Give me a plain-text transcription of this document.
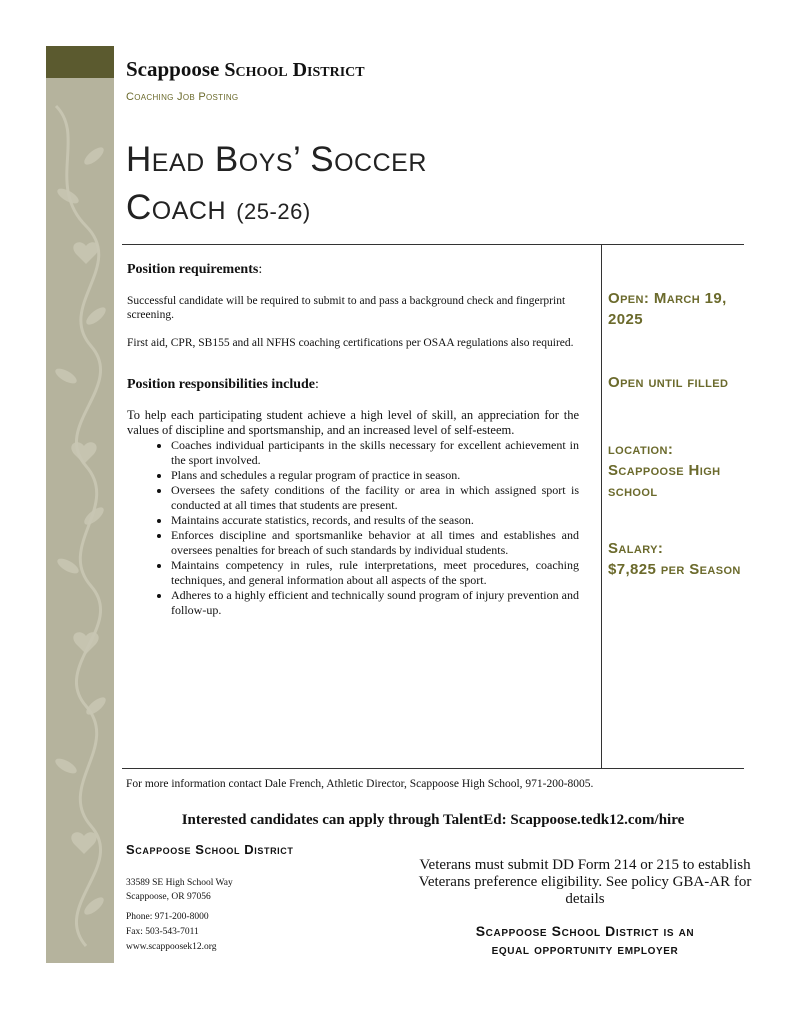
Scappoose School District
Coaching Job Posting
Head Boys’ Soccer
Coach (25-26)
Position requirements:

Successful candidate will be required to submit to and pass a background check and fingerprint screening.

First aid, CPR, SB155 and all NFHS coaching certifications per OSAA regulations also required.

Position responsibilities include:

To help each participating student achieve a high level of skill, an appreciation for the values of discipline and sportsmanship, and an increased level of self-esteem.

• Coaches individual participants in the skills necessary for excellent achievement in the sport involved.
• Plans and schedules a regular program of practice in season.
• Oversees the safety conditions of the facility or area in which assigned sport is conducted at all times that students are present.
• Maintains accurate statistics, records, and results of the season.
• Enforces discipline and sportsmanlike behavior at all times and establishes and oversees penalties for breach of such standards by individual students.
• Maintains competency in rules, rule interpretations, meet procedures, coaching techniques, and general information about all aspects of the sport.
• Adheres to a highly efficient and technically sound program of injury prevention and follow-up.
Open: March 19, 2025
Open until filled
location:
Scappoose High school
Salary:
$7,825 per Season
For more information contact Dale French, Athletic Director, Scappoose High School, 971-200-8005.
Interested candidates can apply through TalentEd: Scappoose.tedk12.com/hire
Scappoose School District
33589 SE High School Way
Scappoose, OR 97056
Phone: 971-200-8000
Fax: 503-543-7011
www.scappoosek12.org
Veterans must submit DD Form 214 or 215 to establish Veterans preference eligibility. See policy GBA-AR for details
Scappoose School District is an
equal opportunity employer
